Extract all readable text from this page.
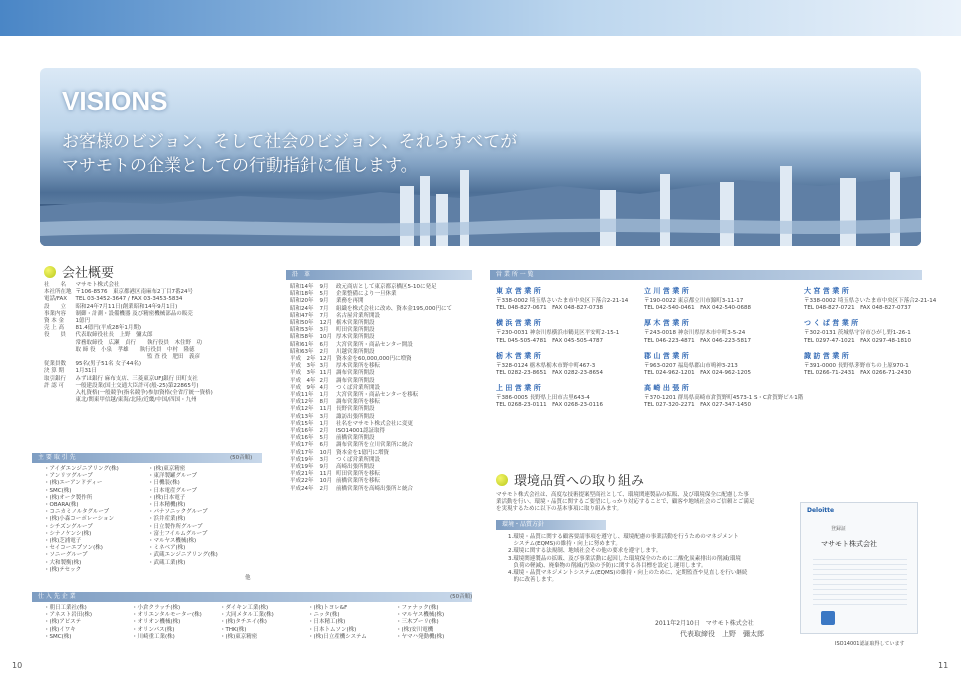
MASAMOTO corporate profile
VISIONS
お客様のビジョン、そして社会のビジョン、それらすべてが
マサモトの企業としての行動指針に値します。
会社概要
社　　名	マサモト株式会社
本社所在地	〒106-8576　東京都港区南麻布2丁目7番24号
電話/FAX	TEL 03-3452-3647 / FAX 03-3453-5834
設　　立	昭和24年7月11日(創業昭和14年9月1日)
事業内容	制御・計測・設備機器 及び精密機械部品の販売
資 本 金	1億円
売 上 高	81.4億円(平成28年1月期)
役　　員	代表取締役社長　上野　彌太郎
	常務取締役　広瀬　貞行　　執行役員　木住野　功
	取 締 役　小泉　孝雄　　執行役員　中村　隆徳
	　　　　　　　　　　　　　監 査 役　肥田　義彦
従業員数	95名(男子51名 女子44名)
決 算 期	1月31日
取引銀行	みずほ銀行 麻布支店、三菱東京UFJ銀行 田町支社
許 認 可	一般建設業(国土交通大臣許可(般-25)第22865号)
	入札資格(一般競争(指名競争)参加資格(全省庁統一資格)
	東北/関東甲信越/東海/北陸/近畿/中国/四国・九州
主 要 取 引 先	(50音順)
・アイダエンジニアリング(株)
・アンリツグループ
・(株)エーアンドディー
・SMC(株)
・(株)オーク製作所
・OBARA(株)
・コニカミノルタグループ
・(株)小森コーポレーション
・シチズングループ
・シナノケンシ(株)
・(株)芝浦電子
・セイコーエプソン(株)
・ソニーグループ
・大和製衡(株)
・(株)テセック
・(株)東京精密
・東洋製罐グループ
・日機装(株)
・日本電産グループ
・(株)日本電子
・日本精機(株)
・パナソニックグループ
・浜井産業(株)
・日立製作所グループ
・富士フイルムグループ
・マルヤス機械(株)
・ミネベア(株)
・武蔵エンジニアリング(株)
・武蔵工業(株)
他
仕 入 先 企 業	(50音順)
・朝日工業社(株)
・アネスト岩田(株)
・(株)アピステ
・(株)イワキ
・SMC(株)
・小倉クラッチ(株)
・オリエンタルモーター(株)
・オリオン機械(株)
・オリンパス(株)
・川崎重工業(株)
・ダイキン工業(株)
・大同メタル工業(株)
・(株)タチエイ(株)
・THK(株)
・(株)東京精密
・(株)トヨレ&F
・ニッタ(株)
・日本精工(株)
・日本トムソン(株)
・(株)日立産機システム
・ファナック(株)
・マルヤス機械(株)
・三木プーリ(株)
・(株)安川電機
・ヤマハ発動機(株)
沿　革
昭和14年	9月	政元商店として東京都京橋区5-10に発足
昭和18年	5月	企業整備により一旦休業
昭和20年	9月	業務を再開
昭和24年	7月	組織を株式会社に改め、資本金195,000円にて
昭和47年	7月	名古屋営業所開設
昭和50年	12月	栃木営業所開設
昭和53年	3月	町田営業所開設
昭和58年	10月	厚木営業所開設
昭和61年	6月	大宮営業所・商品センター開設
昭和63年	2月	川越営業所開設
平成　2年	12月	資本金を60,000,000円に増資
平成　3年	3月	厚木営業所を移転
平成　3年	11月	調布営業所開設
平成　4年	2月	調布営業所開設
平成　9年	4月	つくば営業所開設
平成11年	1月	大宮営業所・商品センターを移転
平成12年	8月	調布営業所を移転
平成12年	11月	長野営業所開設
平成13年	3月	諏訪出張所開設
平成15年	1月	社名をマサモト株式会社に変更
平成16年	2月	ISO14001認証取得
平成16年	5月	前橋営業所開設
平成17年	6月	調布営業所を立川営業所に統合
平成17年	10月	資本金を1億円に増資
平成19年	3月	つくば営業所開設
平成19年	9月	高崎出張所開設
平成21年	11月	町田営業所を移転
平成22年	10月	前橋営業所を移転
平成24年	2月	前橋営業所を高崎出張所と統合
営 業 所 一 覧
東 京 営 業 所
〒338-0002 埼玉県さいたま市中央区下落合2-21-14
TEL 048-827-0671　FAX 048-827-0738
立 川 営 業 所
〒190-0022 東京都立川市錦町3-11-17
TEL 042-540-0461　FAX 042-540-0688
大 宮 営 業 所
〒338-0002 埼玉県さいたま市中央区下落合2-21-14
TEL 048-827-0721　FAX 048-827-0737
横 浜 営 業 所
〒230-0031 神奈川県横浜市鶴見区平安町2-15-1
TEL 045-505-4781　FAX 045-505-4787
厚 木 営 業 所
〒243-0018 神奈川県厚木市中町3-5-24
TEL 046-223-4871　FAX 046-223-5817
つ く ば 営 業 所
〒302-0131 茨城県守谷市ひがし野1-26-1
TEL 0297-47-1021　FAX 0297-48-1810
栃 木 営 業 所
〒328-0124 栃木県栃木市野中町467-3
TEL 0282-23-8651　FAX 0282-23-8654
郡 山 営 業 所
〒963-0207 福島県郡山市鳴神3-213
TEL 024-962-1201　FAX 024-962-1205
諏 訪 営 業 所
〒391-0000 長野県茅野市ちの上原970-1
TEL 0266-71-2431　FAX 0266-71-2430
上 田 営 業 所
〒386-0005 長野県上田市古里643-4
TEL 0268-23-0111　FAX 0268-23-0116
高 崎 出 張 所
〒370-1201 群馬県高崎市倉賀野町4573-1 S・C倉賀野ビル1階
TEL 027-320-2271　FAX 027-347-1450
環境品質への取り組み
マサモト株式会社は、高度な技術提案型商社として、環境関連製品の拡販、及び環境保全に配慮した事
業活動を行い、環境・品質に関するご要望にしっかり対応することで、顧客や地域社会のご信頼とご満足
を実現するために以下の基本事項に取り組みます。
環境・品質方針
1.環境・品質に関する顧客要請事項を遵守し、環境配慮の事業活動を行うためのマネジメント
　システム(EQMS)の維持・向上に努めます。
2.環境に関する法規制、地域社会その他の要求を遵守します。
3.環境関連製品の拡販、及び事業活動に起因した環境保全のために二酸化炭素排出の削減(環境
　負荷の軽減)、廃棄物の削減(汚染の予防)に関する各目標を設定し運用します。
4.環境・品質マネジメントシステム(EQMS)の維持・向上のために、定期監査や見直しを行い継続
　的に改善します。
2011年2月10日　マサモト株式会社
代表取締役　上野　彌太郎
Deloitte
登録証
マサモト株式会社
ISO14001認証取得しています
10	11
